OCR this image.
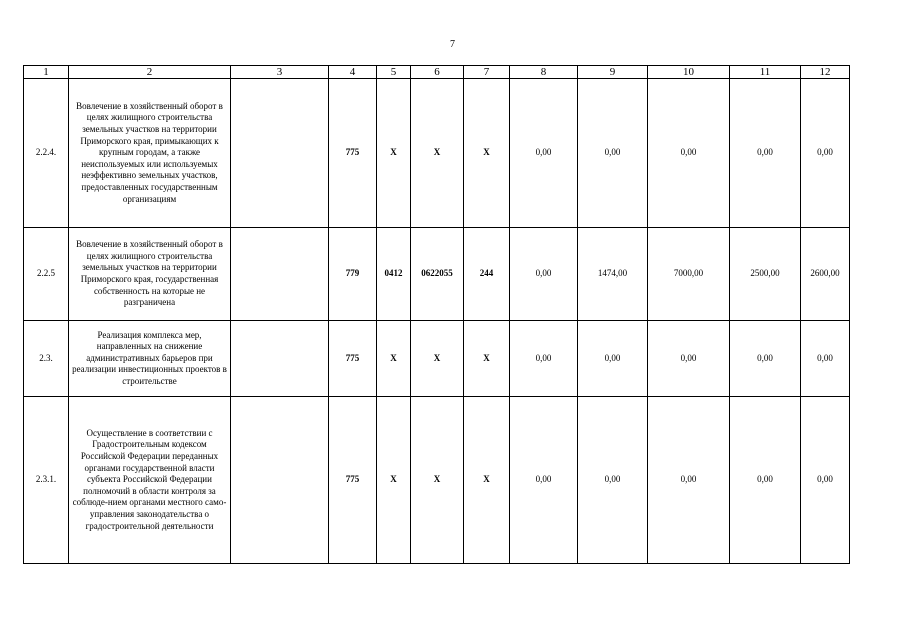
7
1	2	3	4	5	6	7	8	9	10	11	12
2.2.4.	Вовлечение в хозяйственный оборот в целях жилищного строительства земельных участков на территории Приморского края, примыкающих к крупным городам, а также неиспользуемых или используемых неэффективно земельных участков, предоставленных государственным организациям		775	Х	Х	Х	0,00	0,00	0,00	0,00	0,00
2.2.5	Вовлечение в хозяйственный оборот в целях жилищного строительства земельных участков на территории Приморского края, государственная собственность на которые не разграничена		779	0412	0622055	244	0,00	1474,00	7000,00	2500,00	2600,00
2.3.	Реализация комплекса мер, направленных на снижение административных барьеров при реализации инвестиционных проектов в строительстве		775	Х	Х	Х	0,00	0,00	0,00	0,00	0,00
2.3.1.	Осуществление в соответствии с Градостроительным кодексом Российской Федерации переданных органами государственной власти субъекта Российской Федерации полномочий в области контроля за соблюде-нием органами местного само-управления законодательства о градостроительной деятельности		775	Х	Х	Х	0,00	0,00	0,00	0,00	0,00
